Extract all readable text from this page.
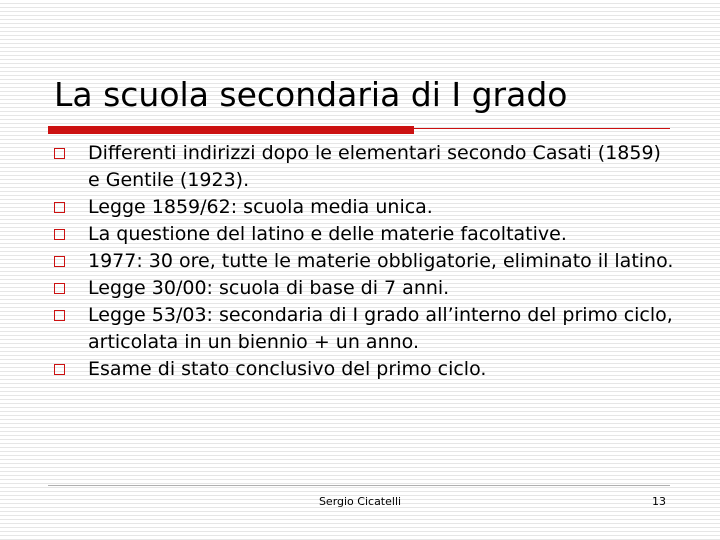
La scuola secondaria di I grado
Differenti indirizzi dopo le elementari secondo Casati (1859) e Gentile (1923).
Legge 1859/62: scuola media unica.
La questione del latino e delle materie facoltative.
1977: 30 ore, tutte le materie obbligatorie, eliminato il latino.
Legge 30/00: scuola di base di 7 anni.
Legge 53/03: secondaria di I grado all’interno del primo ciclo, articolata in un biennio + un anno.
Esame di stato conclusivo del primo ciclo.
Sergio Cicatelli	13
